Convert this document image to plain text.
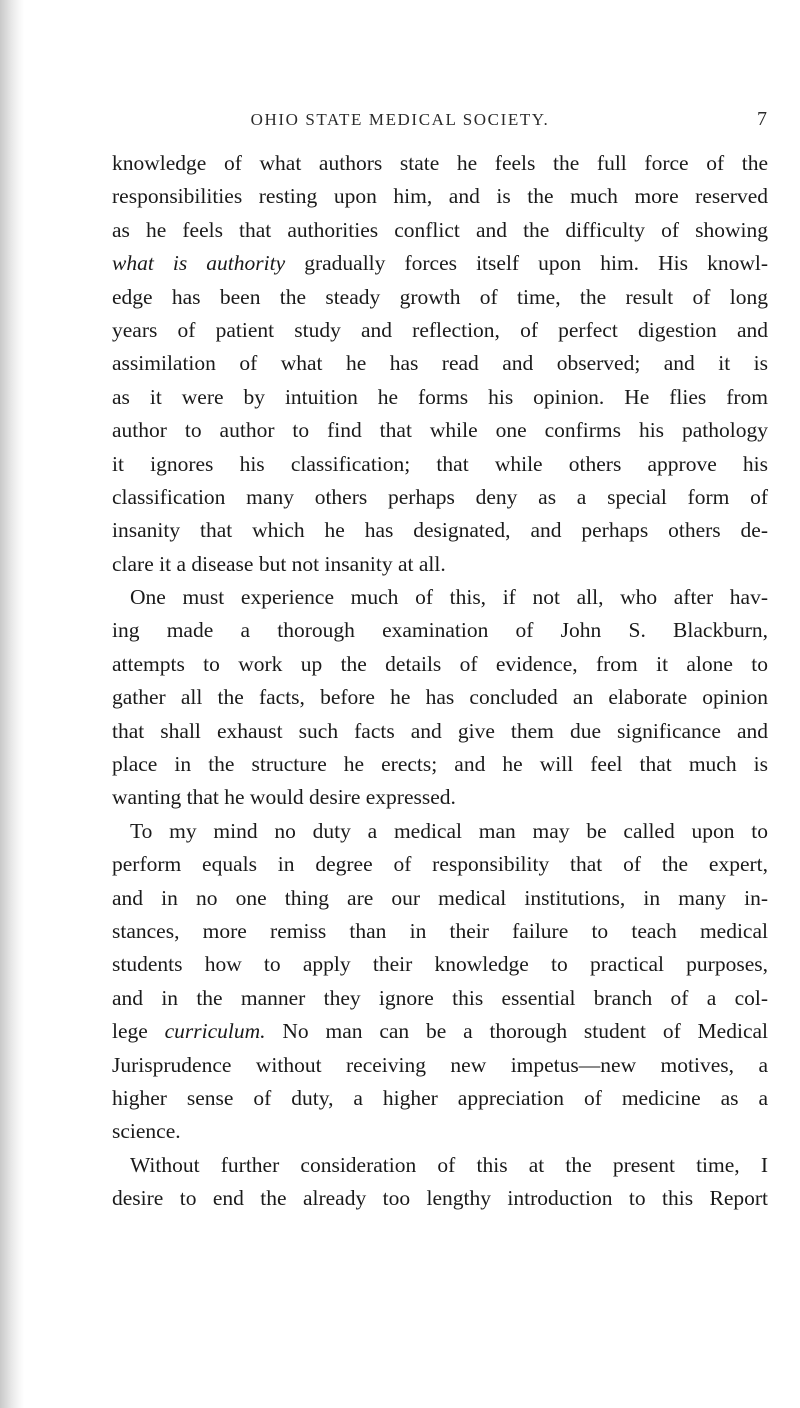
OHIO STATE MEDICAL SOCIETY.	7
knowledge of what authors state he feels the full force of the
responsibilities resting upon him, and is the much more reserved
as he feels that authorities conflict and the difficulty of showing
what is authority gradually forces itself upon him. His knowl-
edge has been the steady growth of time, the result of long
years of patient study and reflection, of perfect digestion and
assimilation of what he has read and observed; and it is
as it were by intuition he forms his opinion. He flies from
author to author to find that while one confirms his pathology
it ignores his classification; that while others approve his
classification many others perhaps deny as a special form of
insanity that which he has designated, and perhaps others de-
clare it a disease but not insanity at all.
One must experience much of this, if not all, who after hav-
ing made a thorough examination of John S. Blackburn,
attempts to work up the details of evidence, from it alone to
gather all the facts, before he has concluded an elaborate opinion
that shall exhaust such facts and give them due significance and
place in the structure he erects; and he will feel that much is
wanting that he would desire expressed.
To my mind no duty a medical man may be called upon to
perform equals in degree of responsibility that of the expert,
and in no one thing are our medical institutions, in many in-
stances, more remiss than in their failure to teach medical
students how to apply their knowledge to practical purposes,
and in the manner they ignore this essential branch of a col-
lege curriculum. No man can be a thorough student of Medical
Jurisprudence without receiving new impetus—new motives, a
higher sense of duty, a higher appreciation of medicine as a
science.
Without further consideration of this at the present time, I
desire to end the already too lengthy introduction to this Report
